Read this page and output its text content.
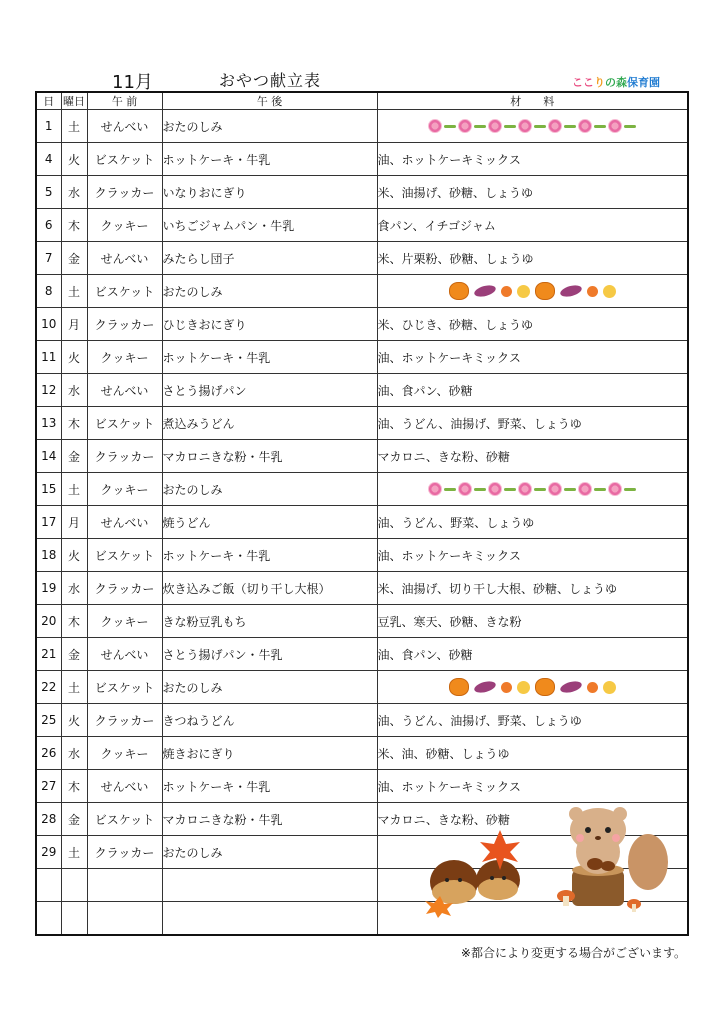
11月	おやつ献立表	ここりの森保育園
日	曜日	午 前	午 後	材　　料
1	土	せんべい	おたのしみ	

4	火	ビスケット	ホットケーキ・牛乳	油、ホットケーキミックス
5	水	クラッカー	いなりおにぎり	米、油揚げ、砂糖、しょうゆ
6	木	クッキー	いちごジャムパン・牛乳	食パン、イチゴジャム
7	金	せんべい	みたらし団子	米、片栗粉、砂糖、しょうゆ
8	土	ビスケット	おたのしみ	

10	月	クラッカー	ひじきおにぎり	米、ひじき、砂糖、しょうゆ
11	火	クッキー	ホットケーキ・牛乳	油、ホットケーキミックス
12	水	せんべい	さとう揚げパン	油、食パン、砂糖
13	木	ビスケット	煮込みうどん	油、うどん、油揚げ、野菜、しょうゆ
14	金	クラッカー	マカロニきな粉・牛乳	マカロニ、きな粉、砂糖
15	土	クッキー	おたのしみ	

17	月	せんべい	焼うどん	油、うどん、野菜、しょうゆ
18	火	ビスケット	ホットケーキ・牛乳	油、ホットケーキミックス
19	水	クラッカー	炊き込みご飯（切り干し大根）	米、油揚げ、切り干し大根、砂糖、しょうゆ
20	木	クッキー	きな粉豆乳もち	豆乳、寒天、砂糖、きな粉
21	金	せんべい	さとう揚げパン・牛乳	油、食パン、砂糖
22	土	ビスケット	おたのしみ	

25	火	クラッカー	きつねうどん	油、うどん、油揚げ、野菜、しょうゆ
26	水	クッキー	焼きおにぎり	米、油、砂糖、しょうゆ
27	木	せんべい	ホットケーキ・牛乳	油、ホットケーキミックス
28	金	ビスケット	マカロニきな粉・牛乳	マカロニ、きな粉、砂糖
29	土	クラッカー	おたのしみ	

※都合により変更する場合がございます。
